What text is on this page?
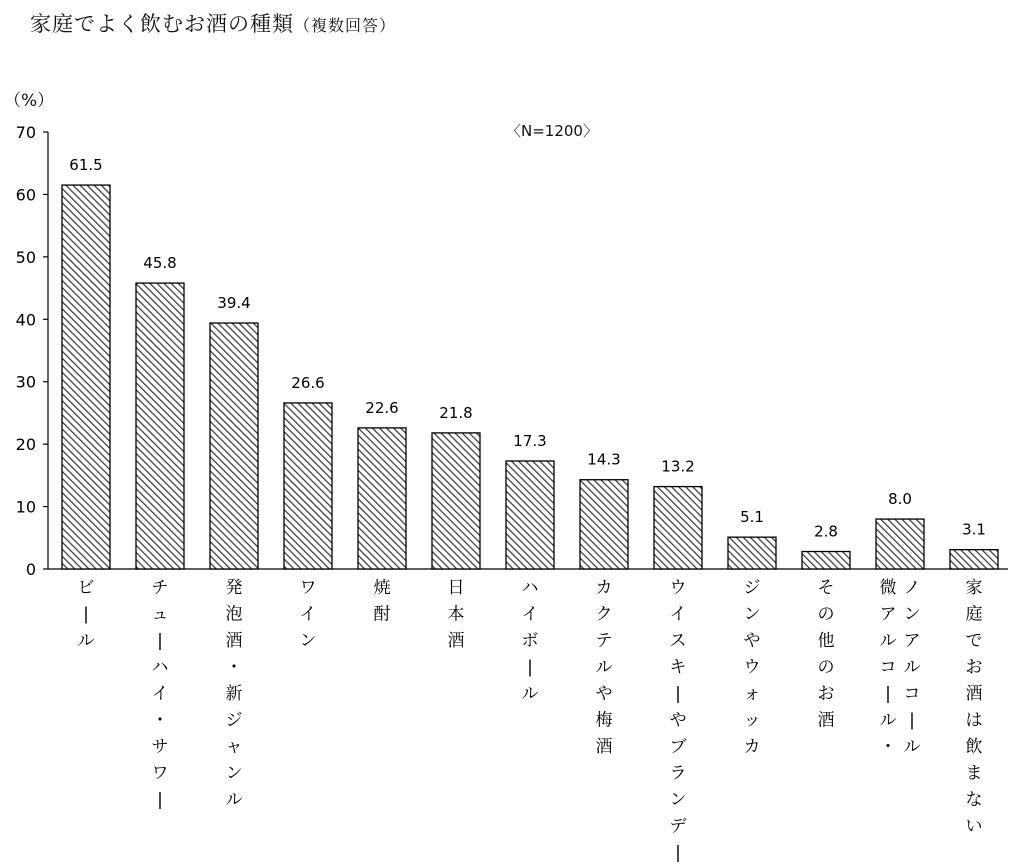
家庭でよく飲むお酒の種類（複数回答）
（%）
〈N=1200〉
0
10
20
30
40
50
60
70
61.5
45.8
39.4
26.6
22.6	21.8
17.3
14.3	13.2
5.1
2.8
8.0
3.1
ビ
|
ル
チ
ュ
|
ハ
イ
・
サ
ワ
|
発
泡
酒
・
新
ジ
ャ
ン
ル
ワ
イ
ン
焼
酎
日
本
酒
ハ
イ
ボ
|
ル
カ
ク
テ
ル
や
梅
酒
ウ
イ
ス
キ
|
や
ブ
ラ
ン
デ
|
ジ
ン
や
ウ
ォ
ッ
カ
そ
の
他
の
お
酒
微
ア
ル
コ
|
ル
・
ノ
ン
ア
ル
コ
|
ル
家
庭
で
お
酒
は
飲
ま
な
い
